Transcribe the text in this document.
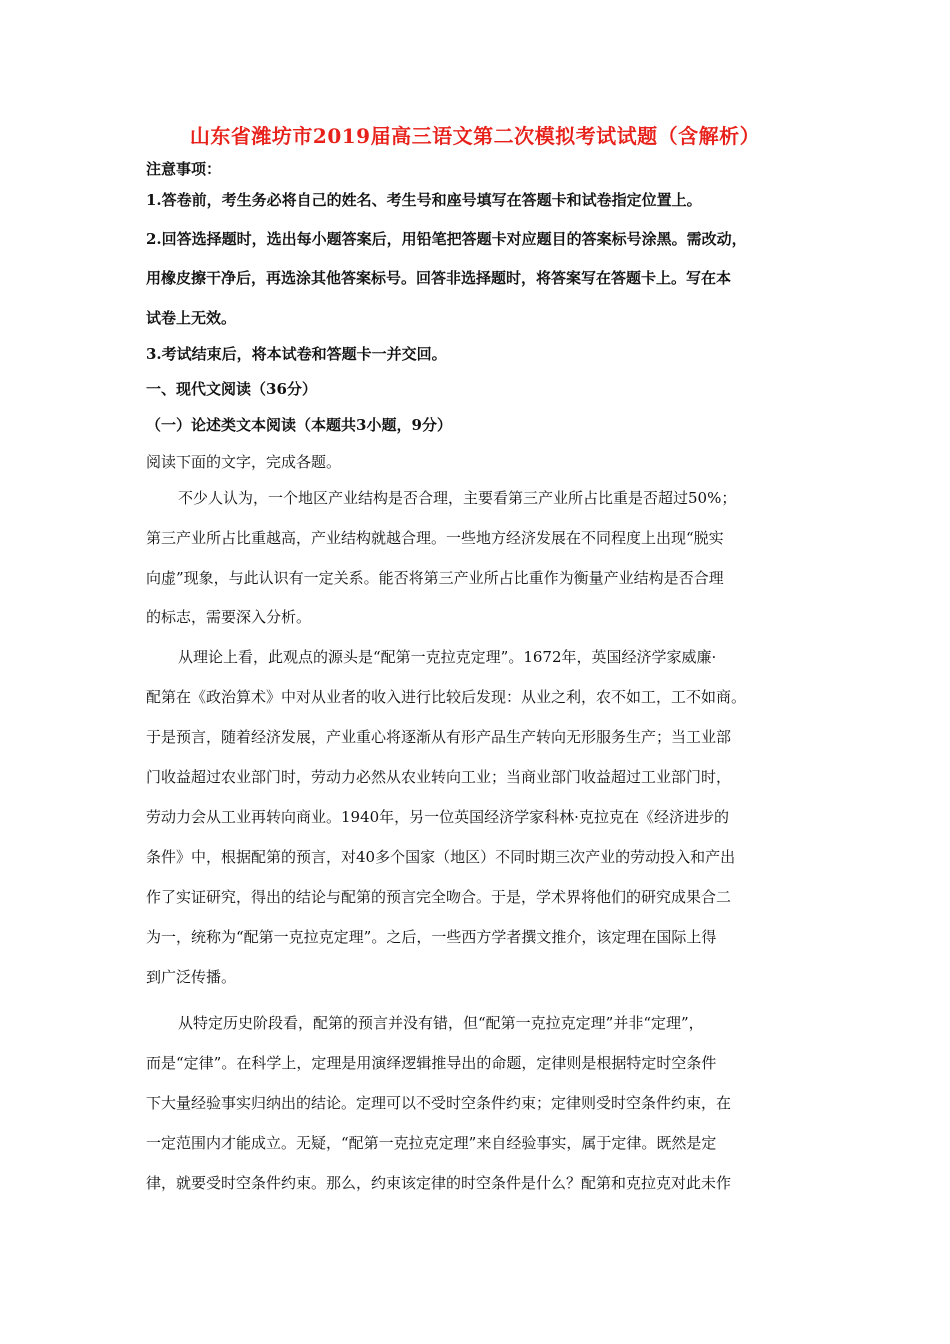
山东省潍坊市2019届高三语文第二次模拟考试试题（含解析）
注意事项：
1.答卷前，考生务必将自己的姓名、考生号和座号填写在答题卡和试卷指定位置上。
2.回答选择题时，选出每小题答案后，用铅笔把答题卡对应题目的答案标号涂黑。需改动，
用橡皮擦干净后，再选涂其他答案标号。回答非选择题时，将答案写在答题卡上。写在本
试卷上无效。
3.考试结束后，将本试卷和答题卡一并交回。
一、现代文阅读（36分）
（一）论述类文本阅读（本题共3小题，9分）
阅读下面的文字，完成各题。
不少人认为，一个地区产业结构是否合理，主要看第三产业所占比重是否超过50%；
第三产业所占比重越高，产业结构就越合理。一些地方经济发展在不同程度上出现“脱实
向虚”现象，与此认识有一定关系。能否将第三产业所占比重作为衡量产业结构是否合理
的标志，需要深入分析。
从理论上看，此观点的源头是“配第一克拉克定理”。1672年，英国经济学家威廉·
配第在《政治算术》中对从业者的收入进行比较后发现：从业之利，农不如工，工不如商。
于是预言，随着经济发展，产业重心将逐渐从有形产品生产转向无形服务生产；当工业部
门收益超过农业部门时，劳动力必然从农业转向工业；当商业部门收益超过工业部门时，
劳动力会从工业再转向商业。1940年，另一位英国经济学家科林·克拉克在《经济进步的
条件》中，根据配第的预言，对40多个国家（地区）不同时期三次产业的劳动投入和产出
作了实证研究，得出的结论与配第的预言完全吻合。于是，学术界将他们的研究成果合二
为一，统称为“配第一克拉克定理”。之后，一些西方学者撰文推介，该定理在国际上得
到广泛传播。
从特定历史阶段看，配第的预言并没有错，但“配第一克拉克定理”并非“定理”，
而是“定律”。在科学上，定理是用演绎逻辑推导出的命题，定律则是根据特定时空条件
下大量经验事实归纳出的结论。定理可以不受时空条件约束；定律则受时空条件约束，在
一定范围内才能成立。无疑，“配第一克拉克定理”来自经验事实，属于定律。既然是定
律，就要受时空条件约束。那么，约束该定律的时空条件是什么？配第和克拉克对此未作
